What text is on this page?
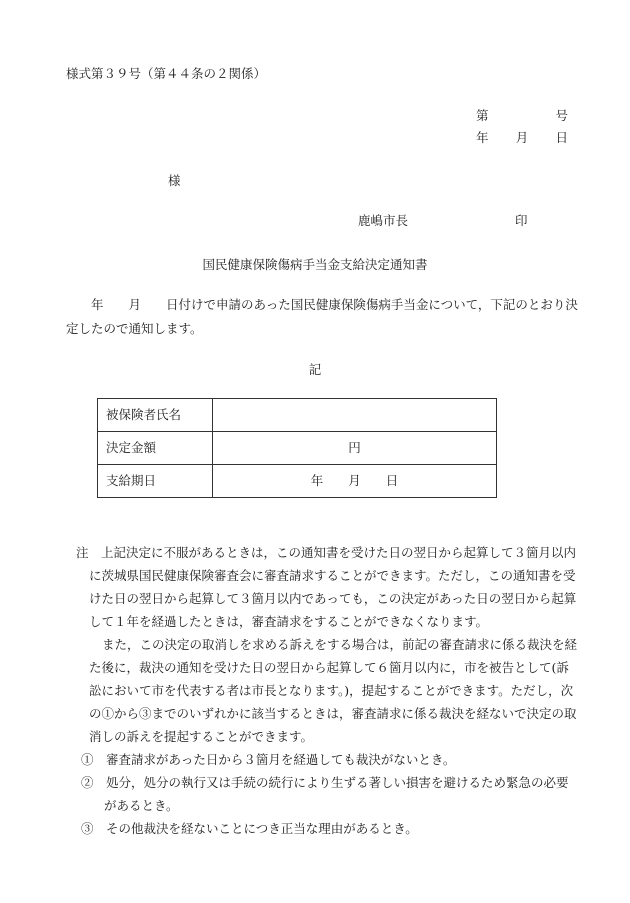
様式第３９号（第４４条の２関係）
第	号
年 月 日
様
鹿嶋市長	印
国民健康保険傷病手当金支給決定通知書
　　年　　月　　日付けで申請のあった国民健康保険傷病手当金について，下記のとおり決定したので通知します。
記
被保険者氏名	
決定金額	円
支給期日	年　　月　　日

注　上記決定に不服があるときは，この通知書を受けた日の翌日から起算して３箇月以内に茨城県国民健康保険審査会に審査請求することができます。ただし，この通知書を受けた日の翌日から起算して３箇月以内であっても，この決定があった日の翌日から起算して１年を経過したときは，審査請求をすることができなくなります。

また，この決定の取消しを求める訴えをする場合は，前記の審査請求に係る裁決を経た後に，裁決の通知を受けた日の翌日から起算して６箇月以内に，市を被告として(訴訟において市を代表する者は市長となります。)，提起することができます。ただし，次の①から③までのいずれかに該当するときは，審査請求に係る裁決を経ないで決定の取消しの訴えを提起することができます。

①　審査請求があった日から３箇月を経過しても裁決がないとき。

②　処分，処分の執行又は手続の続行により生ずる著しい損害を避けるため緊急の必要があるとき。

③　その他裁決を経ないことにつき正当な理由があるとき。
